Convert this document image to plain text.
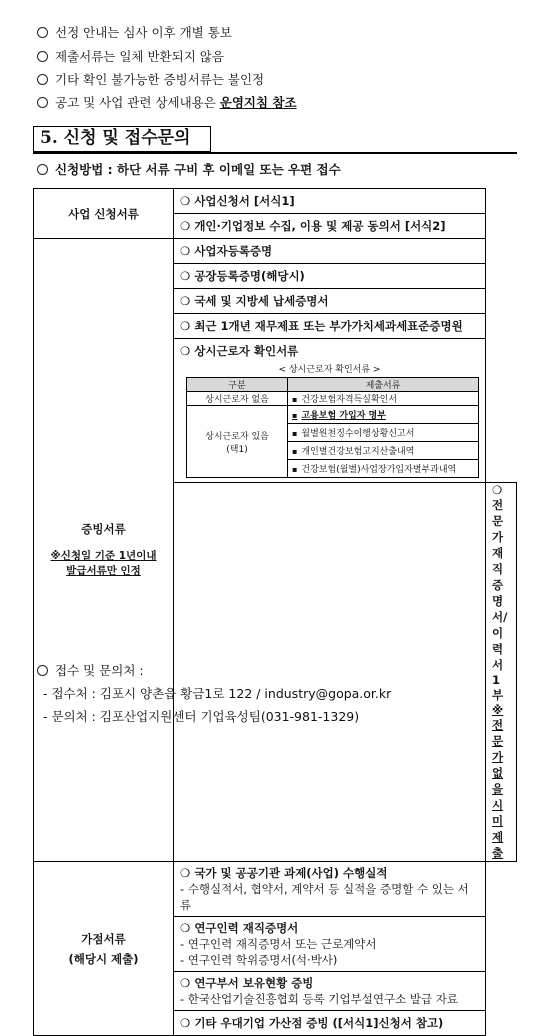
선정 안내는 심사 이후 개별 통보
제출서류는 일체 반환되지 않음
기타 확인 불가능한 증빙서류는 불인정
공고 및 사업 관련 상세내용은 운영지침 참조
5. 신청 및 접수문의
신청방법 : 하단 서류 구비 후 이메일 또는 우편 접수
사업 신청서류	❍ 사업신청서 [서식1]
❍ 개인·기업정보 수집, 이용 및 제공 동의서 [서식2]

증빙서류
※신청일 기준 1년이내
발급서류만 인정
	❍ 사업자등록증명
❍ 공장등록증명(해당시)
❍ 국세 및 지방세 납세증명서
❍ 최근 1개년 재무제표 또는 부가가치세과세표준증명원

❍ 상시근로자 확인서류
< 상시근로자 확인서류 >
구분	제출서류
상시근로자 없음	▪건강보험자격득실확인서

상시근로자 있음
(택1)
	▪ 고용보험 가입자 명부
▪ 월별원천징수이행상황신고서
▪ 개인별건강보험고지산출내역
▪ 건강보험(월별)사업장가입자별부과내역

	❍전문가 재직증명서/이력서 1부 ※전문가 없을 시 미제출

가점서류
(해당시 제출)

❍ 국가 및 공공기관 과제(사업) 수행실적
- 수행실적서, 협약서, 계약서 등 실적을 증명할 수 있는 서류

❍ 연구인력 재직증명서
- 연구인력 재직증명서 또는 근로계약서
- 연구인력 학위증명서(석·박사)

❍ 연구부서 보유현황 증빙
- 한국산업기술진흥협회 등록 기업부설연구소 발급 자료

❍ 기타 우대기업 가산점 증빙 ([서식1]신청서 참고)
접수 및 문의처 :
- 접수처 : 김포시 양촌읍 황금1로 122 / industry@gopa.or.kr
- 문의처 : 김포산업지원센터 기업육성팀(031-981-1329)
